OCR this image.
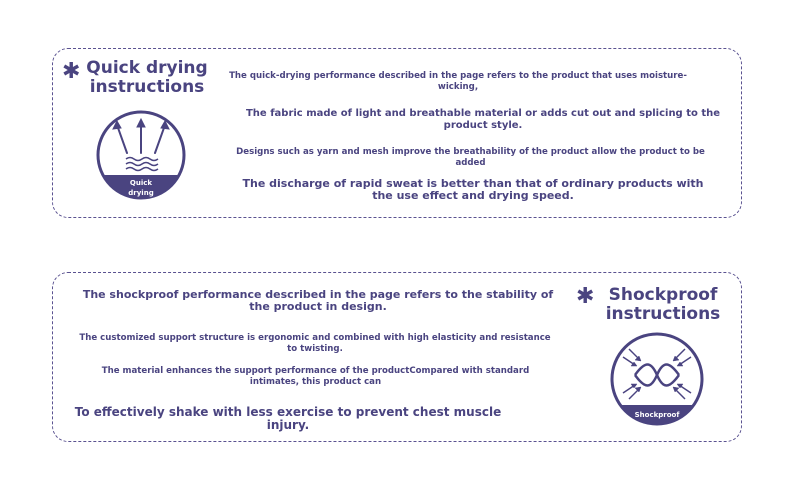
✱ Quick drying instructions
Quick
drying
The quick-drying performance described in the page refers to the product that uses moisture-wicking,
The fabric made of light and breathable material or adds cut out and splicing to the product style.
Designs such as yarn and mesh improve the breathability of the product allow the product to be added
The discharge of rapid sweat is better than that of ordinary products with the use effect and drying speed.
The shockproof performance described in the page refers to the stability of the product in design.
The customized support structure is ergonomic and combined with high elasticity and resistance to twisting.
The material enhances the support performance of the productCompared with standard intimates, this product can
To effectively shake with less exercise to prevent chest muscle injury.
✱ Shockproof instructions
Shockproof
